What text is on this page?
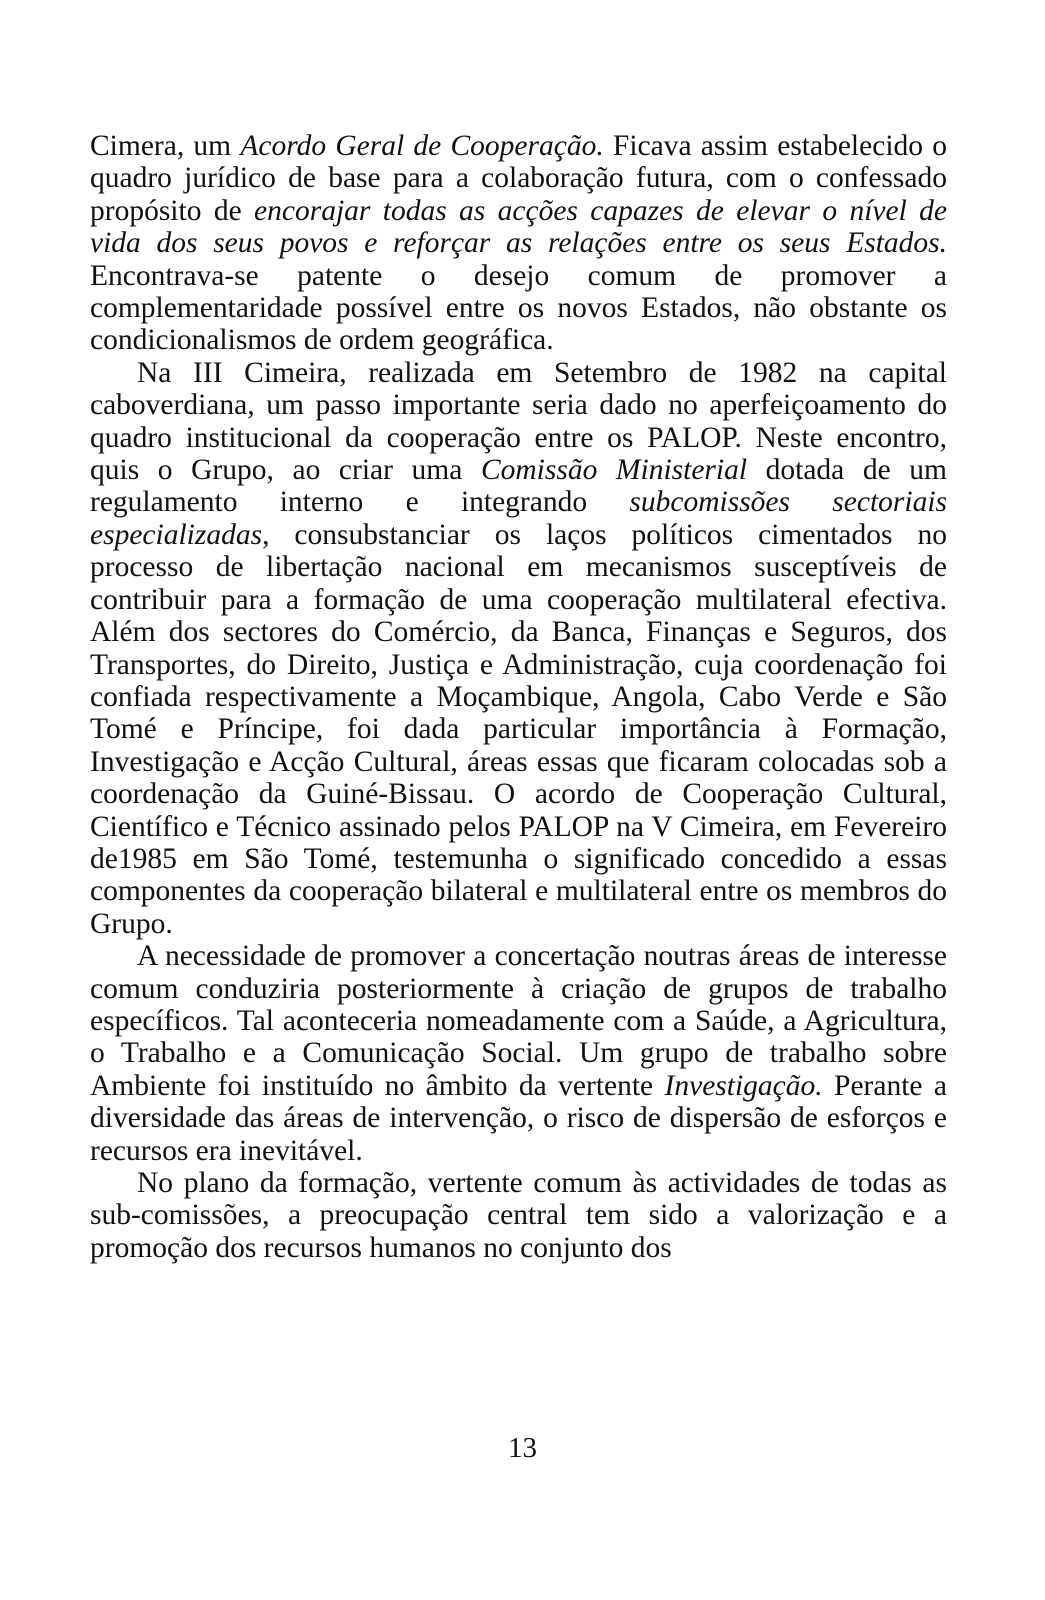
Cimera, um Acordo Geral de Cooperação. Ficava assim estabelecido o quadro jurídico de base para a colaboração futura, com o confessado propósito de encorajar todas as acções capazes de elevar o nível de vida dos seus povos e reforçar as relações entre os seus Estados. Encontrava-se patente o desejo comum de promover a complementaridade possível entre os novos Estados, não obstante os condicionalismos de ordem geográfica.

Na III Cimeira, realizada em Setembro de 1982 na capital caboverdiana, um passo importante seria dado no aperfeiçoamento do quadro institucional da cooperação entre os PALOP. Neste encontro, quis o Grupo, ao criar uma Comissão Ministerial dotada de um regulamento interno e integrando subcomissões sectoriais especializadas, consubstanciar os laços políticos cimentados no processo de libertação nacional em mecanismos susceptíveis de contribuir para a formação de uma cooperação multilateral efectiva. Além dos sectores do Comércio, da Banca, Finanças e Seguros, dos Transportes, do Direito, Justiça e Administração, cuja coordenação foi confiada respectivamente a Moçambique, Angola, Cabo Verde e São Tomé e Príncipe, foi dada particular importância à Formação, Investigação e Acção Cultural, áreas essas que ficaram colocadas sob a coordenação da Guiné-Bissau. O acordo de Cooperação Cultural, Científico e Técnico assinado pelos PALOP na V Cimeira, em Fevereiro de1985 em São Tomé, testemunha o significado concedido a essas componentes da cooperação bilateral e multilateral entre os membros do Grupo.

A necessidade de promover a concertação noutras áreas de interesse comum conduziria posteriormente à criação de grupos de trabalho específicos. Tal aconteceria nomeadamente com a Saúde, a Agricultura, o Trabalho e a Comunicação Social. Um grupo de trabalho sobre Ambiente foi instituído no âmbito da vertente Investigação. Perante a diversidade das áreas de intervenção, o risco de dispersão de esforços e recursos era inevitável.

No plano da formação, vertente comum às actividades de todas as sub-comissões, a preocupação central tem sido a valorização e a promoção dos recursos humanos no conjunto dos

13
